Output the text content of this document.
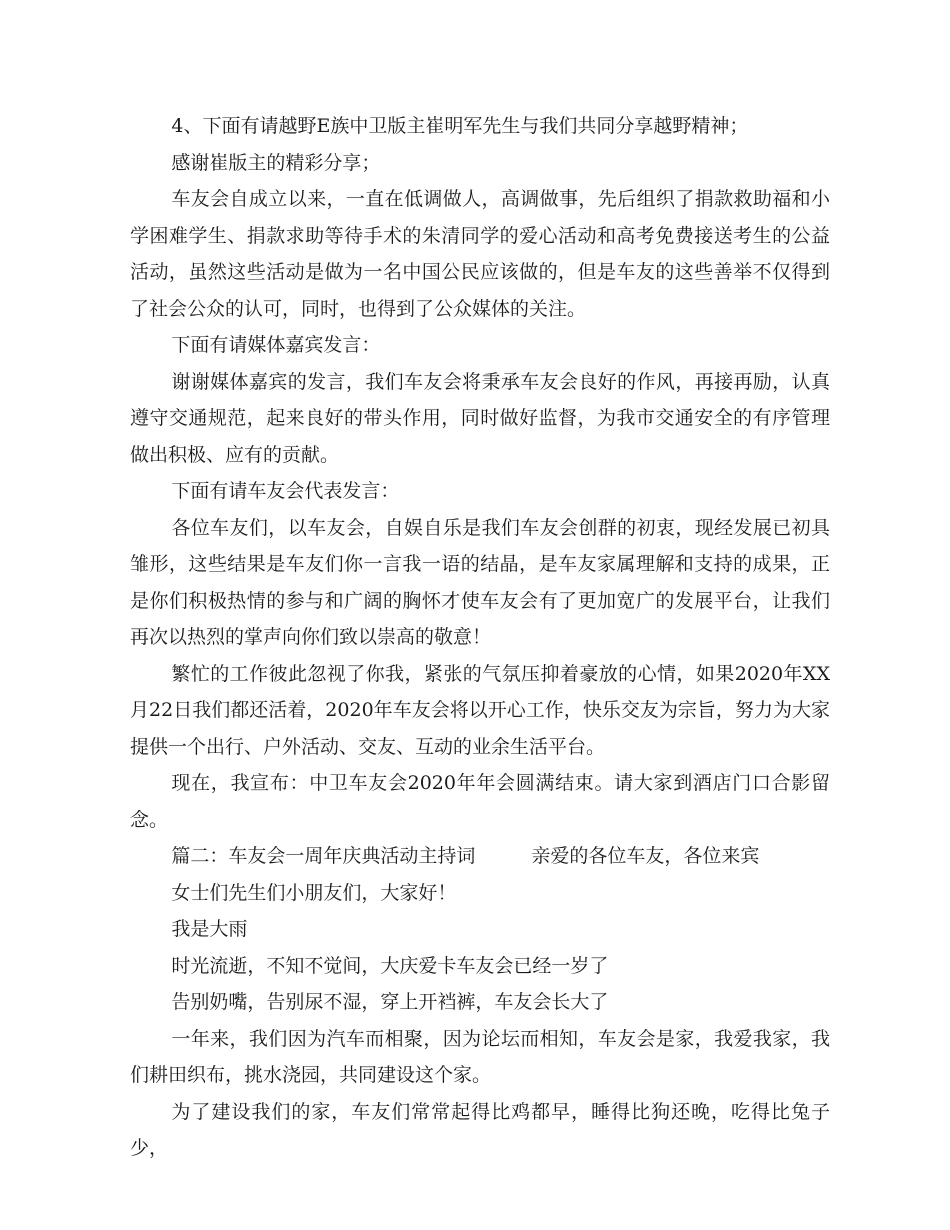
4、下面有请越野E族中卫版主崔明军先生与我们共同分享越野精神；

感谢崔版主的精彩分享；

车友会自成立以来，一直在低调做人，高调做事，先后组织了捐款救助福和小学困难学生、捐款求助等待手术的朱清同学的爱心活动和高考免费接送考生的公益活动，虽然这些活动是做为一名中国公民应该做的，但是车友的这些善举不仅得到了社会公众的认可，同时，也得到了公众媒体的关注。

下面有请媒体嘉宾发言：

谢谢媒体嘉宾的发言，我们车友会将秉承车友会良好的作风，再接再励，认真遵守交通规范，起来良好的带头作用，同时做好监督，为我市交通安全的有序管理做出积极、应有的贡献。

下面有请车友会代表发言：

各位车友们，以车友会，自娱自乐是我们车友会创群的初衷，现经发展已初具雏形，这些结果是车友们你一言我一语的结晶，是车友家属理解和支持的成果，正是你们积极热情的参与和广阔的胸怀才使车友会有了更加宽广的发展平台，让我们再次以热烈的掌声向你们致以崇高的敬意！

繁忙的工作彼此忽视了你我，紧张的气氛压抑着豪放的心情，如果2020年XX月22日我们都还活着，2020年车友会将以开心工作，快乐交友为宗旨，努力为大家提供一个出行、户外活动、交友、互动的业余生活平台。

现在，我宣布：中卫车友会2020年年会圆满结束。请大家到酒店门口合影留念。

篇二：车友会一周年庆典活动主持词	亲爱的各位车友，各位来宾

女士们先生们小朋友们，大家好！

我是大雨

时光流逝，不知不觉间，大庆爱卡车友会已经一岁了

告别奶嘴，告别尿不湿，穿上开裆裤，车友会长大了

一年来，我们因为汽车而相聚，因为论坛而相知，车友会是家，我爱我家，我们耕田织布，挑水浇园，共同建设这个家。

为了建设我们的家，车友们常常起得比鸡都早，睡得比狗还晚，吃得比兔子少，
